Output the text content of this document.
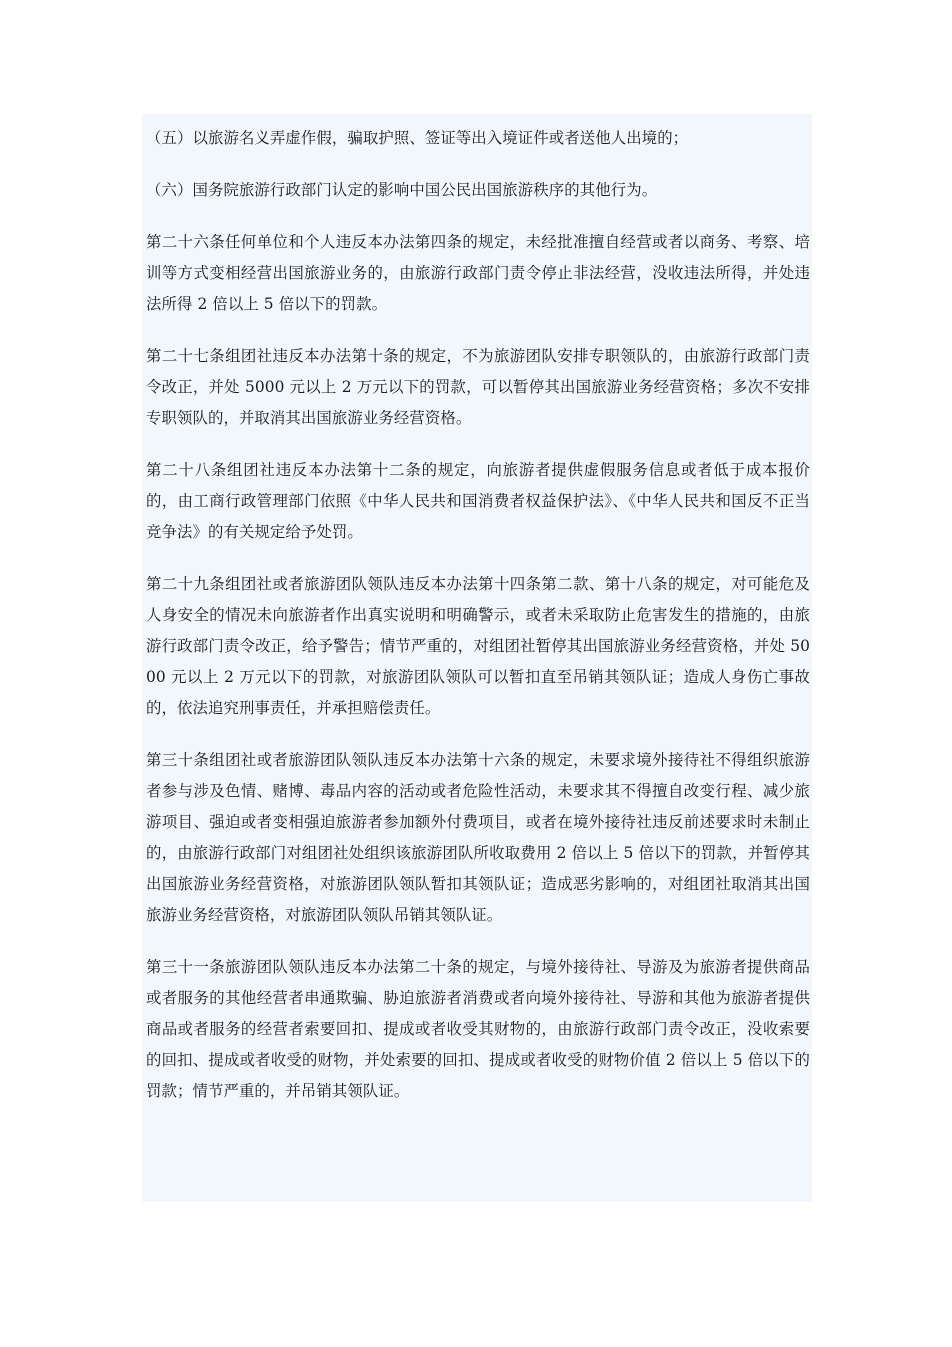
（五）以旅游名义弄虚作假，骗取护照、签证等出入境证件或者送他人出境的；

（六）国务院旅游行政部门认定的影响中国公民出国旅游秩序的其他行为。

第二十六条任何单位和个人违反本办法第四条的规定，未经批准擅自经营或者以商务、考察、培训等方式变相经营出国旅游业务的，由旅游行政部门责令停止非法经营，没收违法所得，并处违法所得 2 倍以上 5 倍以下的罚款。

第二十七条组团社违反本办法第十条的规定，不为旅游团队安排专职领队的，由旅游行政部门责令改正，并处 5000 元以上 2 万元以下的罚款，可以暂停其出国旅游业务经营资格；多次不安排专职领队的，并取消其出国旅游业务经营资格。

第二十八条组团社违反本办法第十二条的规定，向旅游者提供虚假服务信息或者低于成本报价的，由工商行政管理部门依照《中华人民共和国消费者权益保护法》、《中华人民共和国反不正当竞争法》的有关规定给予处罚。

第二十九条组团社或者旅游团队领队违反本办法第十四条第二款、第十八条的规定，对可能危及人身安全的情况未向旅游者作出真实说明和明确警示，或者未采取防止危害发生的措施的，由旅游行政部门责令改正，给予警告；情节严重的，对组团社暂停其出国旅游业务经营资格，并处 5000 元以上 2 万元以下的罚款，对旅游团队领队可以暂扣直至吊销其领队证；造成人身伤亡事故的，依法追究刑事责任，并承担赔偿责任。

第三十条组团社或者旅游团队领队违反本办法第十六条的规定，未要求境外接待社不得组织旅游者参与涉及色情、赌博、毒品内容的活动或者危险性活动，未要求其不得擅自改变行程、减少旅游项目、强迫或者变相强迫旅游者参加额外付费项目，或者在境外接待社违反前述要求时未制止的，由旅游行政部门对组团社处组织该旅游团队所收取费用 2 倍以上 5 倍以下的罚款，并暂停其出国旅游业务经营资格，对旅游团队领队暂扣其领队证；造成恶劣影响的，对组团社取消其出国旅游业务经营资格，对旅游团队领队吊销其领队证。

第三十一条旅游团队领队违反本办法第二十条的规定，与境外接待社、导游及为旅游者提供商品或者服务的其他经营者串通欺骗、胁迫旅游者消费或者向境外接待社、导游和其他为旅游者提供商品或者服务的经营者索要回扣、提成或者收受其财物的，由旅游行政部门责令改正，没收索要的回扣、提成或者收受的财物，并处索要的回扣、提成或者收受的财物价值 2 倍以上 5 倍以下的罚款；情节严重的，并吊销其领队证。
